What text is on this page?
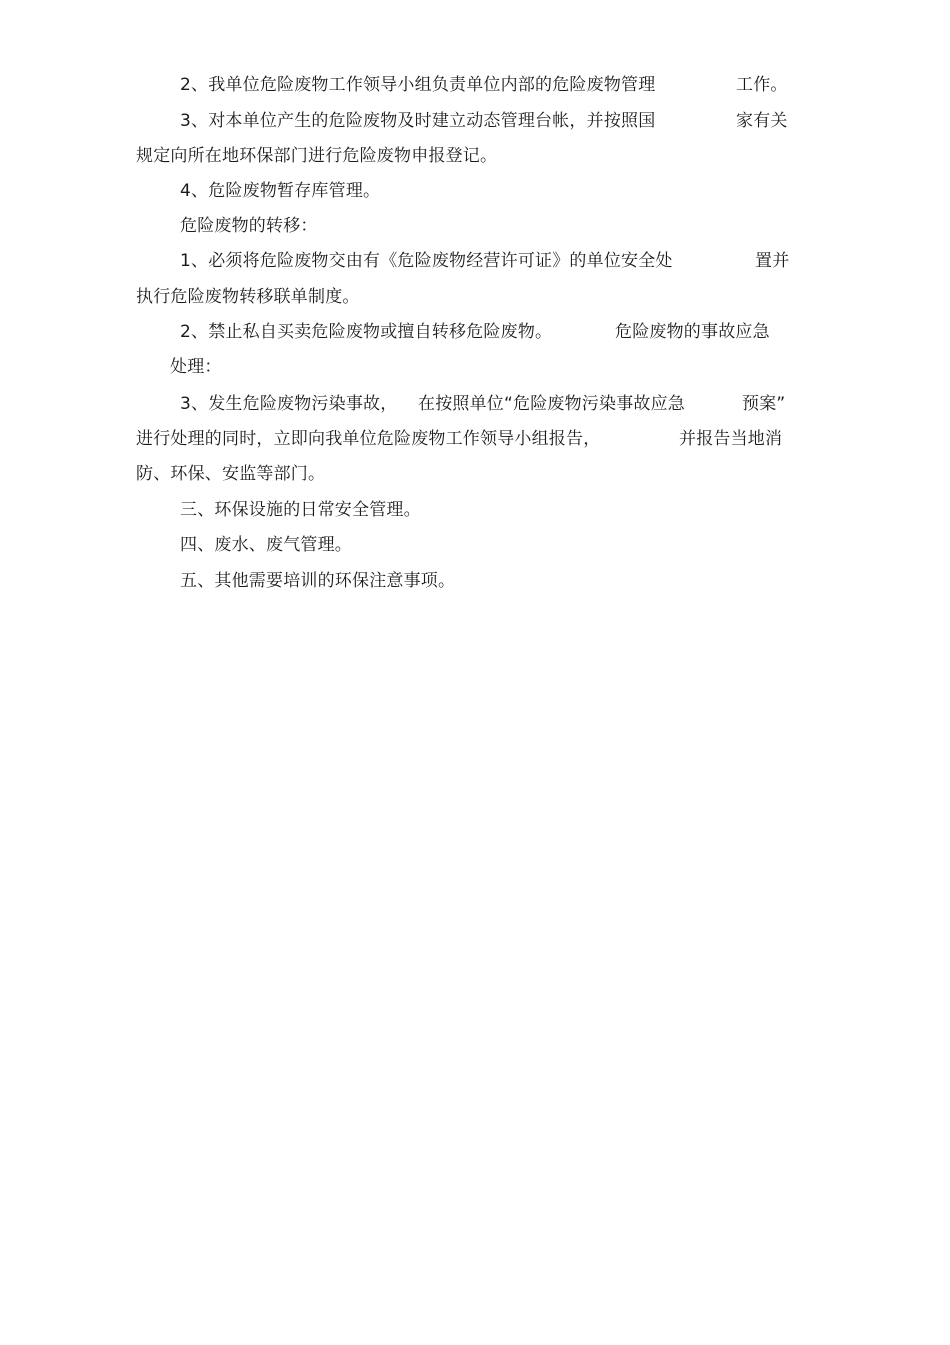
2、我单位危险废物工作领导小组负责单位内部的危险废物管理	工作。
3、对本单位产生的危险废物及时建立动态管理台帐，并按照国	家有关
规定向所在地环保部门进行危险废物申报登记。
4、危险废物暂存库管理。
危险废物的转移：
1、必须将危险废物交由有《危险废物经营许可证》的单位安全处	置并
执行危险废物转移联单制度。
2、禁止私自买卖危险废物或擅自转移危险废物。	危险废物的事故应急
处理：
3、发生危险废物污染事故， 在按照单位“危险废物污染事故应急	预案”
进行处理的同时，立即向我单位危险废物工作领导小组报告，	并报告当地消
防、环保、安监等部门。
三、环保设施的日常安全管理。
四、废水、废气管理。
五、其他需要培训的环保注意事项。
